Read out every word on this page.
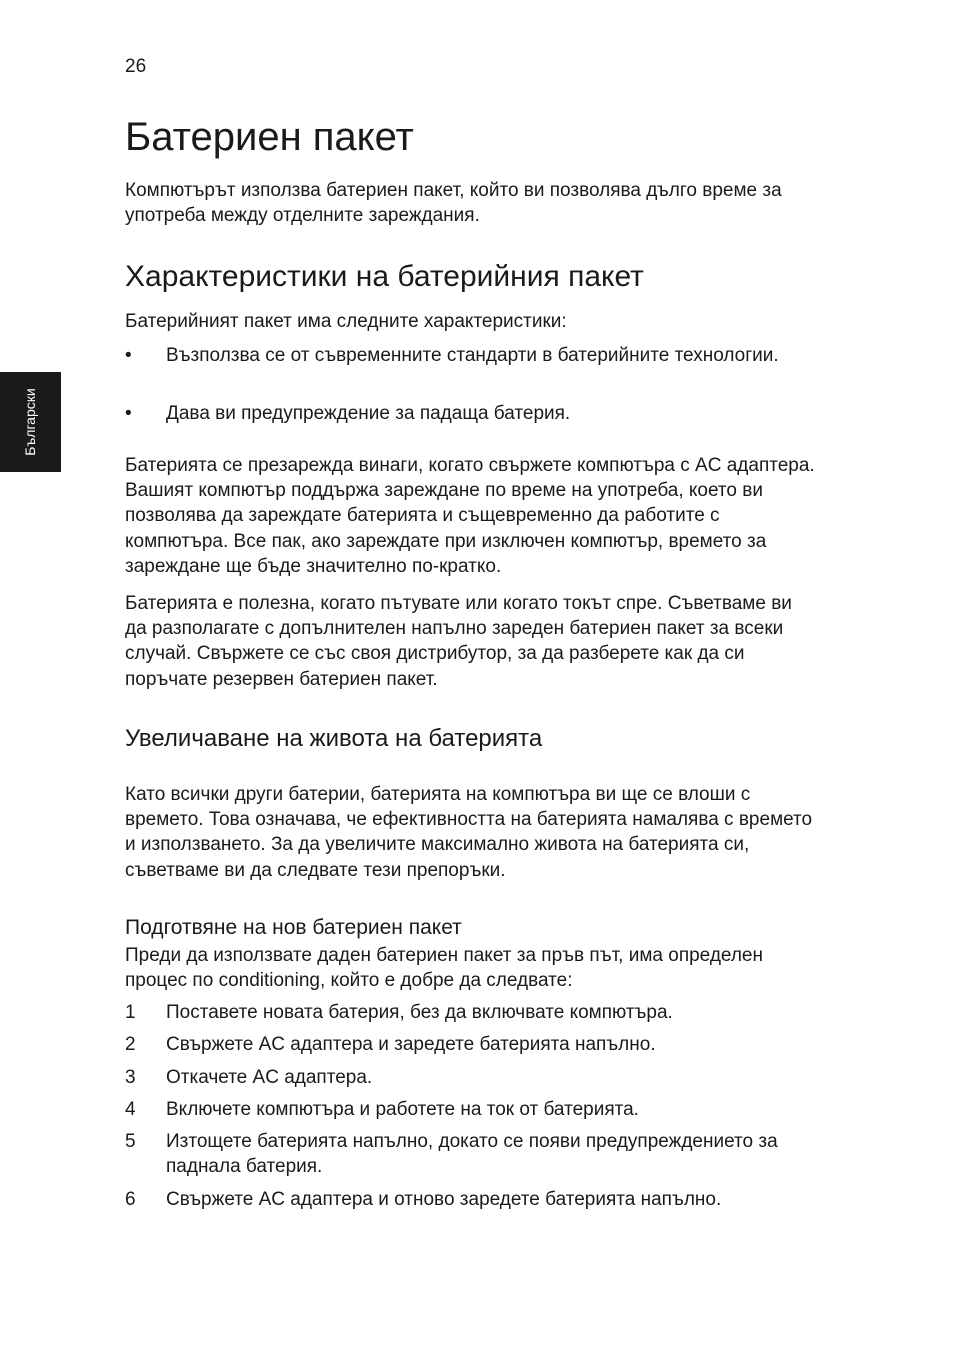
26

Български
Батериен пакет

Компютърът използва батериен пакет, който ви позволява дълго време за употреба между отделните зареждания.

Характеристики на батерийния пакет

Батерийният пакет има следните характеристики:

•	Възползва се от съвременните стандарти в батерийните технологии.
•	Дава ви предупреждение за падаща батерия.

Батерията се презарежда винаги, когато свържете компютъра с AC адаптера. Вашият компютър поддържа зареждане по време на употреба, което ви позволява да зареждате батерията и същевременно да работите с компютъра. Все пак, ако зареждате при изключен компютър, времето за зареждане ще бъде значително по-кратко.

Батерията е полезна, когато пътувате или когато токът спре. Съветваме ви да разполагате с допълнителен напълно зареден батериен пакет за всеки случай. Свържете се със своя дистрибутор, за да разберете как да си поръчате резервен батериен пакет.

Увеличаване на живота на батерията

Като всички други батерии, батерията на компютъра ви ще се влоши с времето. Това означава, че ефективността на батерията намалява с времето и използването. За да увеличите максимално живота на батерията си, съветваме ви да следвате тези препоръки.

Подготвяне на нов батериен пакет

Преди да използвате даден батериен пакет за пръв път, има определен процес по conditioning, който е добре да следвате:

1	Поставете новата батерия, без да включвате компютъра.
2	Свържете AC адаптера и заредете батерията напълно.
3	Откачете AC адаптера.
4	Включете компютъра и работете на ток от батерията.
5	Изтощете батерията напълно, докато се появи предупреждението за паднала батерия.
6	Свържете AC адаптера и отново заредете батерията напълно.
